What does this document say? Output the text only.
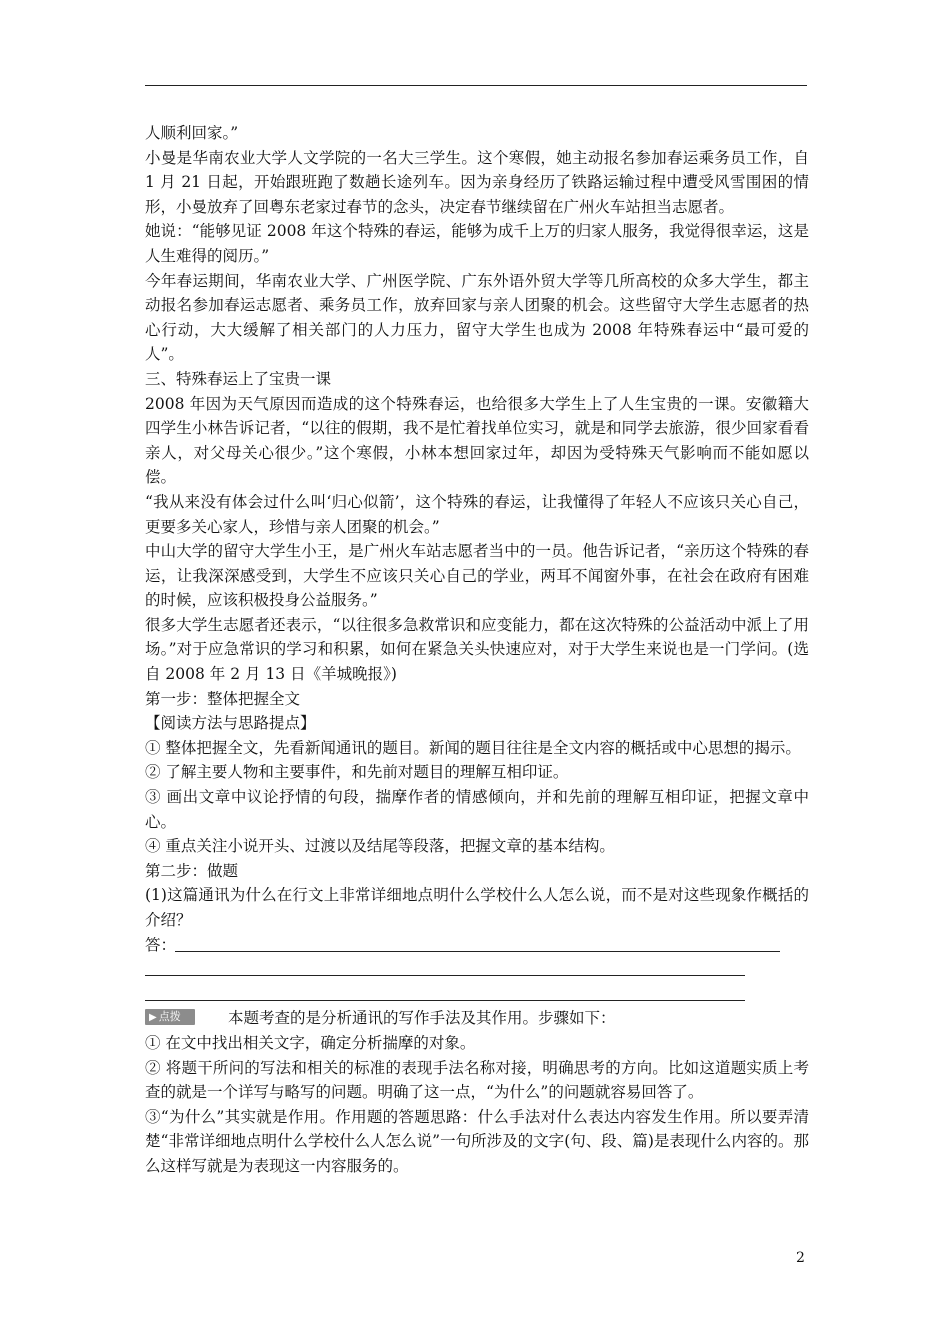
人顺利回家。”

小曼是华南农业大学人文学院的一名大三学生。这个寒假，她主动报名参加春运乘务员工作，自 1 月 21 日起，开始跟班跑了数趟长途列车。因为亲身经历了铁路运输过程中遭受风雪围困的情形，小曼放弃了回粤东老家过春节的念头，决定春节继续留在广州火车站担当志愿者。

她说：“能够见证 2008 年这个特殊的春运，能够为成千上万的归家人服务，我觉得很幸运，这是人生难得的阅历。”

今年春运期间，华南农业大学、广州医学院、广东外语外贸大学等几所高校的众多大学生，都主动报名参加春运志愿者、乘务员工作，放弃回家与亲人团聚的机会。这些留守大学生志愿者的热心行动，大大缓解了相关部门的人力压力，留守大学生也成为 2008 年特殊春运中“最可爱的人”。

三、特殊春运上了宝贵一课

2008 年因为天气原因而造成的这个特殊春运，也给很多大学生上了人生宝贵的一课。安徽籍大四学生小林告诉记者，“以往的假期，我不是忙着找单位实习，就是和同学去旅游，很少回家看看亲人，对父母关心很少。”这个寒假，小林本想回家过年，却因为受特殊天气影响而不能如愿以偿。

“我从来没有体会过什么叫‘归心似箭’，这个特殊的春运，让我懂得了年轻人不应该只关心自己，更要多关心家人，珍惜与亲人团聚的机会。”

中山大学的留守大学生小王，是广州火车站志愿者当中的一员。他告诉记者，“亲历这个特殊的春运，让我深深感受到，大学生不应该只关心自己的学业，两耳不闻窗外事，在社会在政府有困难的时候，应该积极投身公益服务。”

很多大学生志愿者还表示，“以往很多急救常识和应变能力，都在这次特殊的公益活动中派上了用场。”对于应急常识的学习和积累，如何在紧急关头快速应对，对于大学生来说也是一门学问。(选自 2008 年 2 月 13 日《羊城晚报》)

第一步：整体把握全文

【阅读方法与思路提点】

① 整体把握全文，先看新闻通讯的题目。新闻的题目往往是全文内容的概括或中心思想的揭示。

② 了解主要人物和主要事件，和先前对题目的理解互相印证。

③ 画出文章中议论抒情的句段，揣摩作者的情感倾向，并和先前的理解互相印证，把握文章中心。

④ 重点关注小说开头、过渡以及结尾等段落，把握文章的基本结构。

第二步：做题

(1)这篇通讯为什么在行文上非常详细地点明什么学校什么人怎么说，而不是对这些现象作概括的介绍？

答：

▶ 点拨	本题考查的是分析通讯的写作手法及其作用。步骤如下：

① 在文中找出相关文字，确定分析揣摩的对象。

② 将题干所问的写法和相关的标准的表现手法名称对接，明确思考的方向。比如这道题实质上考查的就是一个详写与略写的问题。明确了这一点，“为什么”的问题就容易回答了。

③“为什么”其实就是作用。作用题的答题思路：什么手法对什么表达内容发生作用。所以要弄清楚“非常详细地点明什么学校什么人怎么说”一句所涉及的文字(句、段、篇)是表现什么内容的。那么这样写就是为表现这一内容服务的。

2
